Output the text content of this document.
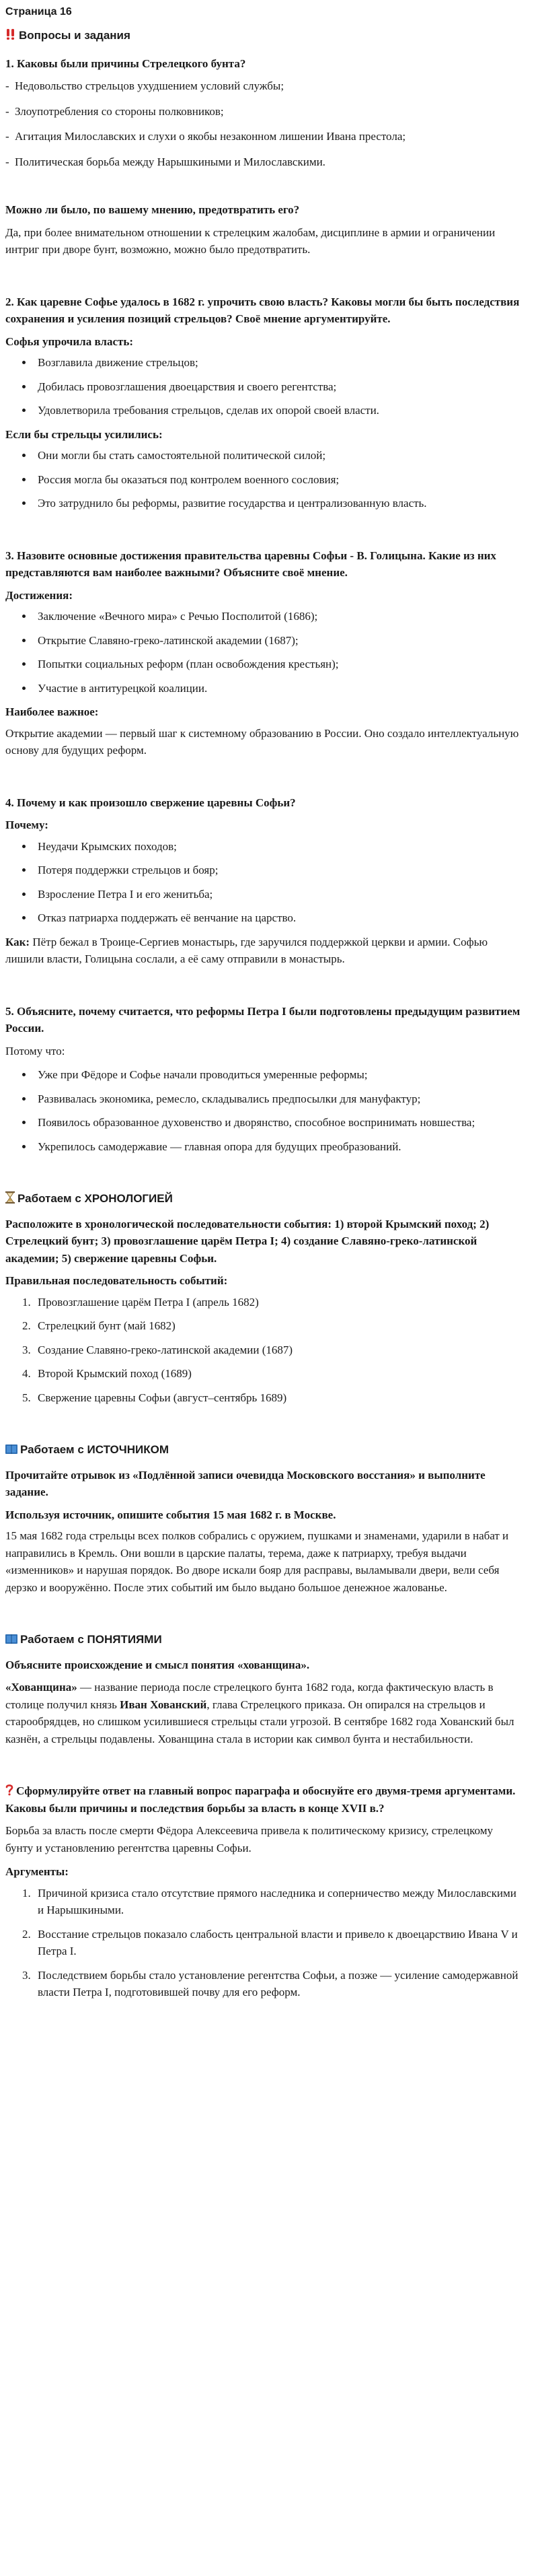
Страница 16
Вопросы и задания
1. Каковы были причины Стрелецкого бунта?
- Недовольство стрельцов ухудшением условий службы;
- Злоупотребления со стороны полковников;
- Агитация Милославских и слухи о якобы незаконном лишении Ивана престола;
- Политическая борьба между Нарышкиными и Милославскими.
Можно ли было, по вашему мнению, предотвратить его?

Да, при более внимательном отношении к стрелецким жалобам, дисциплине в армии и ограничении интриг при дворе бунт, возможно, можно было предотвратить.

2. Как царевне Софье удалось в 1682 г. упрочить свою власть? Каковы могли бы быть последствия сохранения и усиления позиций стрельцов? Своё мнение аргументируйте.
Софья упрочила власть:
• Возглавила движение стрельцов;
• Добилась провозглашения двоецарствия и своего регентства;
• Удовлетворила требования стрельцов, сделав их опорой своей власти.
Если бы стрельцы усилились:
• Они могли бы стать самостоятельной политической силой;
• Россия могла бы оказаться под контролем военного сословия;
• Это затруднило бы реформы, развитие государства и централизованную власть.
3. Назовите основные достижения правительства царевны Софьи - В. Голицына. Какие из них представляются вам наиболее важными? Объясните своё мнение.
Достижения:
• Заключение «Вечного мира» с Речью Посполитой (1686);
• Открытие Славяно-греко-латинской академии (1687);
• Попытки социальных реформ (план освобождения крестьян);
• Участие в антитурецкой коалиции.
Наиболее важное:

Открытие академии — первый шаг к системному образованию в России. Оно создало интеллектуальную основу для будущих реформ.

4. Почему и как произошло свержение царевны Софьи?
Почему:
• Неудачи Крымских походов;
• Потеря поддержки стрельцов и бояр;
• Взросление Петра I и его женитьба;
• Отказ патриарха поддержать её венчание на царство.

Как: Пётр бежал в Троице-Сергиев монастырь, где заручился поддержкой церкви и армии. Софью лишили власти, Голицына сослали, а её саму отправили в монастырь.

5. Объясните, почему считается, что реформы Петра I были подготовлены предыдущим развитием России.

Потому что:

• Уже при Фёдоре и Софье начали проводиться умеренные реформы;
• Развивалась экономика, ремесло, складывались предпосылки для мануфактур;
• Появилось образованное духовенство и дворянство, способное воспринимать новшества;
• Укрепилось самодержавие — главная опора для будущих преобразований.
Работаем с ХРОНОЛОГИЕЙ
Расположите в хронологической последовательности события: 1) второй Крымский поход; 2) Стрелецкий бунт; 3) провозглашение царём Петра I; 4) создание Славяно-греко-латинской академии; 5) свержение царевны Софьи.
Правильная последовательность событий:
1. Провозглашение царём Петра I (апрель 1682)
2. Стрелецкий бунт (май 1682)
3. Создание Славяно-греко-латинской академии (1687)
4. Второй Крымский поход (1689)
5. Свержение царевны Софьи (август–сентябрь 1689)
Работаем с ИСТОЧНИКОМ
Прочитайте отрывок из «Подлённой записи очевидца Московского восстания» и выполните задание.
Используя источник, опишите события 15 мая 1682 г. в Москве.

15 мая 1682 года стрельцы всех полков собрались с оружием, пушками и знаменами, ударили в набат и направились в Кремль. Они вошли в царские палаты, терема, даже к патриарху, требуя выдачи «изменников» и нарушая порядок. Во дворе искали бояр для расправы, выламывали двери, вели себя дерзко и вооружённо. После этих событий им было выдано большое денежное жалованье.

Работаем с ПОНЯТИЯМИ
Объясните происхождение и смысл понятия «хованщина».

«Хованщина» — название периода после стрелецкого бунта 1682 года, когда фактическую власть в столице получил князь Иван Хованский, глава Стрелецкого приказа. Он опирался на стрельцов и старообрядцев, но слишком усилившиеся стрельцы стали угрозой. В сентябре 1682 года Хованский был казнён, а стрельцы подавлены. Хованщина стала в истории как символ бунта и нестабильности.

Сформулируйте ответ на главный вопрос параграфа и обоснуйте его двумя-тремя аргументами. Каковы были причины и последствия борьбы за власть в конце XVII в.?

Борьба за власть после смерти Фёдора Алексеевича привела к политическому кризису, стрелецкому бунту и установлению регентства царевны Софьи.

Аргументы:
1. Причиной кризиса стало отсутствие прямого наследника и соперничество между Милославскими и Нарышкиными.
2. Восстание стрельцов показало слабость центральной власти и привело к двоецарствию Ивана V и Петра I.
3. Последствием борьбы стало установление регентства Софьи, а позже — усиление самодержавной власти Петра I, подготовившей почву для его реформ.
